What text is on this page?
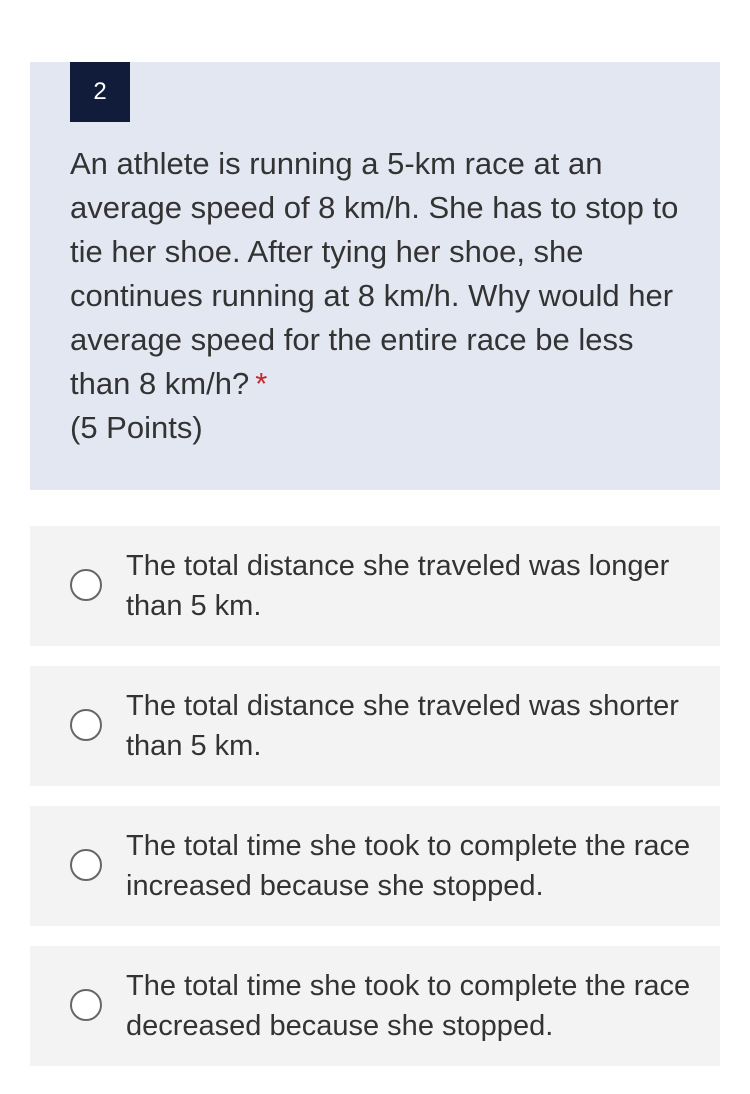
2
An athlete is running a 5-km race at an average speed of 8 km/h. She has to stop to tie her shoe. After tying her shoe, she continues running at 8 km/h. Why would her average speed for the entire race be less than 8 km/h? *
(5 Points)
The total distance she traveled was longer than 5 km.
The total distance she traveled was shorter than 5 km.
The total time she took to complete the race increased because she stopped.
The total time she took to complete the race decreased because she stopped.
